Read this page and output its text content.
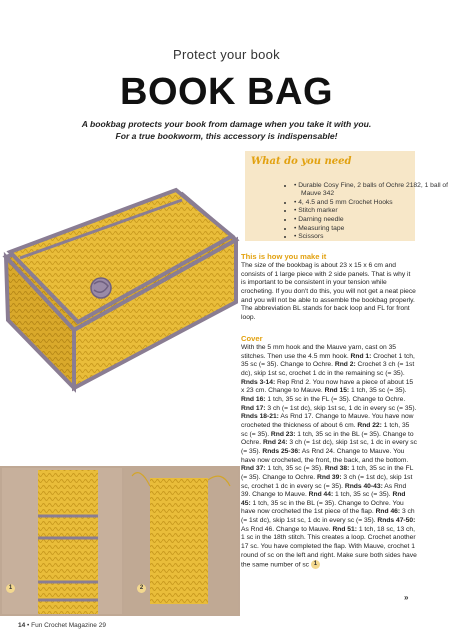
Protect your book
BOOK BAG
A bookbag protects your book from damage when you take it with you.
For a true bookworm, this accessory is indispensable!
1	2
What do you need
• • Durable Cosy Fine, 2 balls of Ochre 2182, 1 ball of Mauve 342
• • 4, 4.5 and 5 mm Crochet Hooks
• • Stitch marker
• • Darning needle
• • Measuring tape
• • Scissors
This is how you make it
The size of the bookbag is about 23 x 15 x 6 cm and consists of 1 large piece with 2 side panels. That is why it is important to be consistent in your tension while crocheting. If you don't do this, you will not get a neat piece and you will not be able to assemble the bookbag properly. The abbreviation BL stands for back loop and FL for front loop.
Cover
With the 5 mm hook and the Mauve yarn, cast on 35 stitches. Then use the 4.5 mm hook. Rnd 1: Crochet 1 tch, 35 sc (= 35). Change to Ochre. Rnd 2: Crochet 3 ch (= 1st dc), skip 1st sc, crochet 1 dc in the remaining sc (= 35). Rnds 3-14: Rep Rnd 2. You now have a piece of about 15 x 23 cm. Change to Mauve. Rnd 15: 1 tch, 35 sc (= 35). Rnd 16: 1 tch, 35 sc in the FL (= 35). Change to Ochre. Rnd 17: 3 ch (= 1st dc), skip 1st sc, 1 dc in every sc (= 35). Rnds 18-21: As Rnd 17. Change to Mauve. You have now crocheted the thickness of about 6 cm. Rnd 22: 1 tch, 35 sc (= 35). Rnd 23: 1 tch, 35 sc in the BL (= 35). Change to Ochre. Rnd 24: 3 ch (= 1st dc), skip 1st sc, 1 dc in every sc (= 35). Rnds 25-36: As Rnd 24. Change to Mauve. You have now crocheted, the front, the back, and the bottom. Rnd 37: 1 tch, 35 sc (= 35). Rnd 38: 1 tch, 35 sc in the FL (= 35). Change to Ochre. Rnd 39: 3 ch (= 1st dc), skip 1st sc, crochet 1 dc in every sc (= 35). Rnds 40-43: As Rnd 39. Change to Mauve. Rnd 44: 1 tch, 35 sc (= 35). Rnd 45: 1 tch, 35 sc in the BL (= 35). Change to Ochre. You have now crocheted the 1st piece of the flap. Rnd 46: 3 ch (= 1st dc), skip 1st sc, 1 dc in every sc (= 35). Rnds 47-50: As Rnd 46. Change to Mauve. Rnd 51: 1 tch, 18 sc, 13 ch, 1 sc in the 18th stitch. This creates a loop. Crochet another 17 sc. You have completed the flap. With Mauve, crochet 1 round of sc on the left and right. Make sure both sides have the same number of sc 1
»
14 • Fun Crochet Magazine 29
